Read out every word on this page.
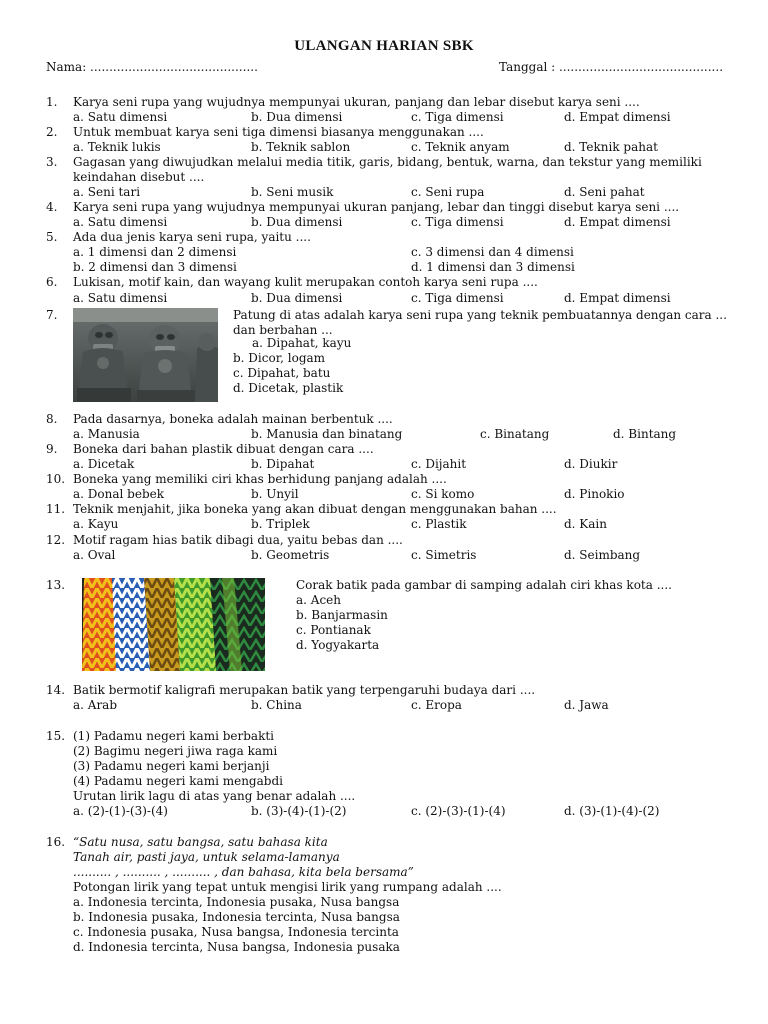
ULANGAN HARIAN SBK
Nama: ............................................	Tanggal : ...........................................
1. Karya seni rupa yang wujudnya mempunyai ukuran, panjang dan lebar disebut karya seni ....
a. Satu dimensi	b. Dua dimensi	c. Tiga dimensi	d. Empat dimensi
2. Untuk membuat karya seni tiga dimensi biasanya menggunakan ....
a. Teknik lukis	b. Teknik sablon	c. Teknik anyam	d. Teknik pahat
3. Gagasan yang diwujudkan melalui media titik, garis, bidang, bentuk, warna, dan tekstur yang memiliki
keindahan disebut ....
a. Seni tari	b. Seni musik	c. Seni rupa	d. Seni pahat
4. Karya seni rupa yang wujudnya mempunyai ukuran panjang, lebar dan tinggi disebut karya seni ....
a. Satu dimensi	b. Dua dimensi	c. Tiga dimensi	d. Empat dimensi
5. Ada dua jenis karya seni rupa, yaitu ....
a. 1 dimensi dan 2 dimensi	c. 3 dimensi dan 4 dimensi
b. 2 dimensi dan 3 dimensi	d. 1 dimensi dan 3 dimensi
6. Lukisan, motif kain, dan wayang kulit merupakan contoh karya seni rupa ....
a. Satu dimensi	b. Dua dimensi	c. Tiga dimensi	d. Empat dimensi
7.	Patung di atas adalah karya seni rupa yang teknik pembuatannya dengan cara ...
dan berbahan ...
a. Dipahat, kayu
b. Dicor, logam
c. Dipahat, batu
d. Dicetak, plastik
8. Pada dasarnya, boneka adalah mainan berbentuk ....
a. Manusia	b. Manusia dan binatang	c. Binatang	d. Bintang
9. Boneka dari bahan plastik dibuat dengan cara ....
a. Dicetak	b. Dipahat	c. Dijahit	d. Diukir
10. Boneka yang memiliki ciri khas berhidung panjang adalah ....
a. Donal bebek	b. Unyil	c. Si komo	d. Pinokio
11. Teknik menjahit, jika boneka yang akan dibuat dengan menggunakan bahan ....
a. Kayu	b. Triplek	c. Plastik	d. Kain
12. Motif ragam hias batik dibagi dua, yaitu bebas dan ....
a. Oval	b. Geometris	c. Simetris	d. Seimbang
13.	Corak batik pada gambar di samping adalah ciri khas kota ....
a. Aceh
b. Banjarmasin
c. Pontianak
d. Yogyakarta
14. Batik bermotif kaligrafi merupakan batik yang terpengaruhi budaya dari ....
a. Arab	b. China	c. Eropa	d. Jawa
15. (1) Padamu negeri kami berbakti
(2) Bagimu negeri jiwa raga kami
(3) Padamu negeri kami berjanji
(4) Padamu negeri kami mengabdi
Urutan lirik lagu di atas yang benar adalah ....
a. (2)-(1)-(3)-(4)	b. (3)-(4)-(1)-(2)	c. (2)-(3)-(1)-(4)	d. (3)-(1)-(4)-(2)
16. “Satu nusa, satu bangsa, satu bahasa kita
Tanah air, pasti jaya, untuk selama-lamanya
.......... , .......... , .......... , dan bahasa, kita bela bersama”
Potongan lirik yang tepat untuk mengisi lirik yang rumpang adalah ....
a. Indonesia tercinta, Indonesia pusaka, Nusa bangsa
b. Indonesia pusaka, Indonesia tercinta, Nusa bangsa
c. Indonesia pusaka, Nusa bangsa, Indonesia tercinta
d. Indonesia tercinta, Nusa bangsa, Indonesia pusaka
